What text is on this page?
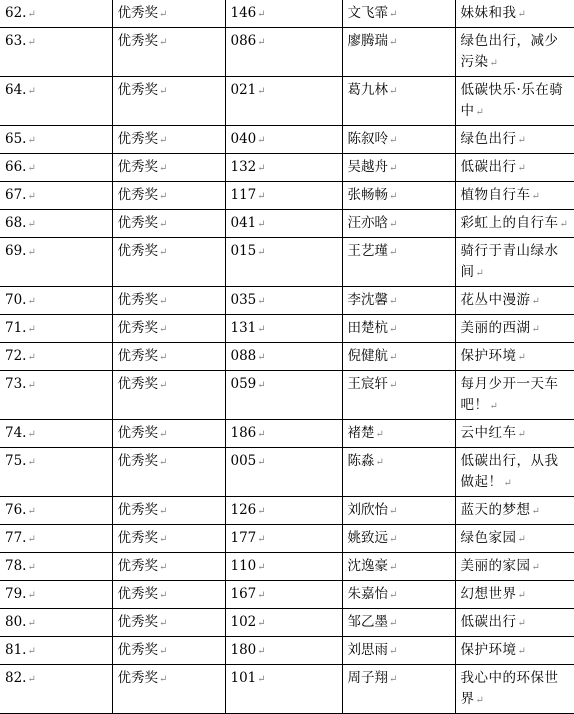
62.↵	优秀奖↵	146↵	文飞霏↵	妹妹和我↵
63.↵	优秀奖↵	086↵	廖腾瑞↵	绿色出行，减少污染↵
64.↵	优秀奖↵	021↵	葛九林↵	低碳快乐·乐在骑中↵
65.↵	优秀奖↵	040↵	陈叙呤↵	绿色出行↵
66.↵	优秀奖↵	132↵	吴越舟↵	低碳出行↵
67.↵	优秀奖↵	117↵	张畅畅↵	植物自行车↵
68.↵	优秀奖↵	041↵	汪亦晗↵	彩虹上的自行车↵
69.↵	优秀奖↵	015↵	王艺瑾↵	骑行于青山绿水间↵
70.↵	优秀奖↵	035↵	李沈馨↵	花丛中漫游↵
71.↵	优秀奖↵	131↵	田楚杭↵	美丽的西湖↵
72.↵	优秀奖↵	088↵	倪健航↵	保护环境↵
73.↵	优秀奖↵	059↵	王宸轩↵	每月少开一天车吧！↵
74.↵	优秀奖↵	186↵	褚楚↵	云中红车↵
75.↵	优秀奖↵	005↵	陈淼↵	低碳出行，从我做起！↵
76.↵	优秀奖↵	126↵	刘欣怡↵	蓝天的梦想↵
77.↵	优秀奖↵	177↵	姚致远↵	绿色家园↵
78.↵	优秀奖↵	110↵	沈逸豪↵	美丽的家园↵
79.↵	优秀奖↵	167↵	朱嘉怡↵	幻想世界↵
80.↵	优秀奖↵	102↵	邹乙墨↵	低碳出行↵
81.↵	优秀奖↵	180↵	刘思雨↵	保护环境↵
82.↵	优秀奖↵	101↵	周子翔↵	我心中的环保世界↵
